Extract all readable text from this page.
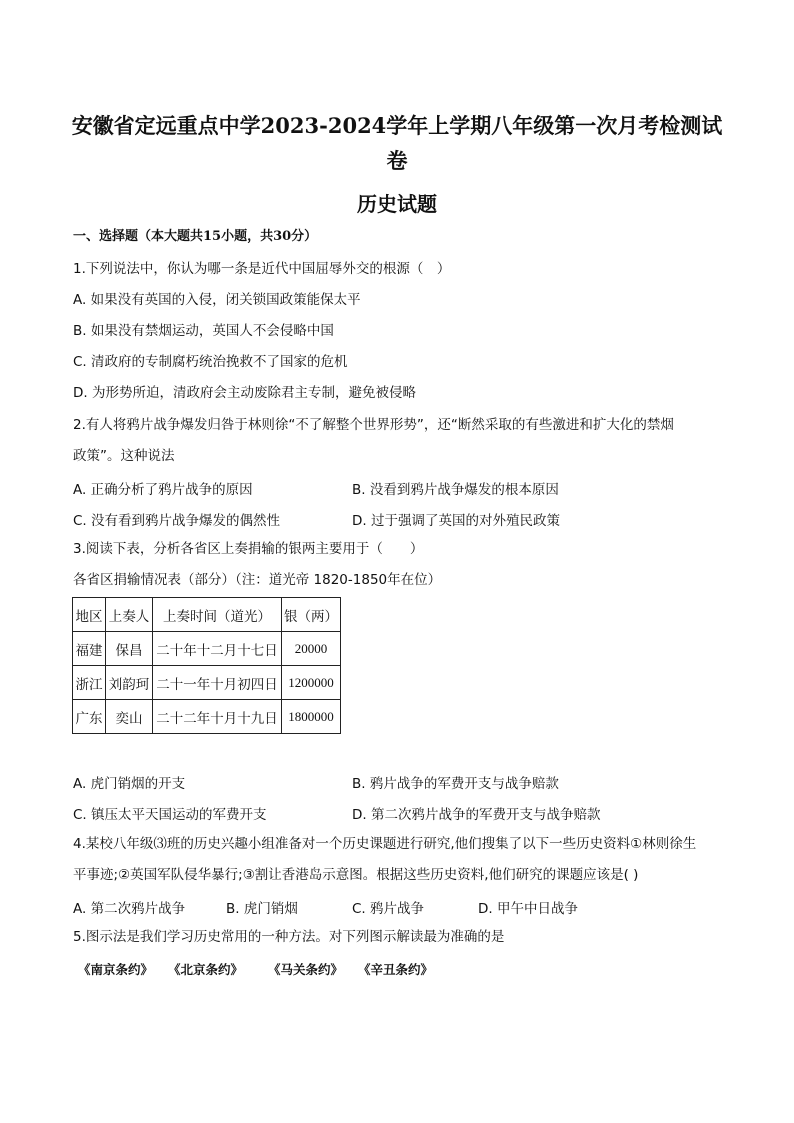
安徽省定远重点中学2023-2024学年上学期八年级第一次月考检测试
卷
历史试题
一、选择题（本大题共15小题，共30分）
1.下列说法中，你认为哪一条是近代中国屈辱外交的根源（　）
A. 如果没有英国的入侵，闭关锁国政策能保太平
B. 如果没有禁烟运动，英国人不会侵略中国
C. 清政府的专制腐朽统治挽救不了国家的危机
D. 为形势所迫，清政府会主动废除君主专制，避免被侵略
2.有人将鸦片战争爆发归咎于林则徐“不了解整个世界形势”，还“断然采取的有些激进和扩大化的禁烟
政策”。这种说法
A. 正确分析了鸦片战争的原因	B. 没看到鸦片战争爆发的根本原因
C. 没有看到鸦片战争爆发的偶然性	D. 过于强调了英国的对外殖民政策
3.阅读下表，分析各省区上奏捐输的银两主要用于（　　）
各省区捐输情况表（部分）（注：道光帝 1820-1850年在位）
地区	上奏人	上奏时间（道光）	银（两）
福建	保昌	二十年十二月十七日	20000
浙江	刘韵珂	二十一年十月初四日	1200000
广东	奕山	二十二年十月十九日	1800000
A. 虎门销烟的开支	B. 鸦片战争的军费开支与战争赔款
C. 镇压太平天国运动的军费开支	D. 第二次鸦片战争的军费开支与战争赔款
4.某校八年级⑶班的历史兴趣小组准备对一个历史课题进行研究,他们搜集了以下一些历史资料①林则徐生
平事迹;②英国军队侵华暴行;③割让香港岛示意图。根据这些历史资料,他们研究的课题应该是( )
A. 第二次鸦片战争	B. 虎门销烟	C. 鸦片战争	D. 甲午中日战争
5.图示法是我们学习历史常用的一种方法。对下列图示解读最为准确的是
《南京条约》 《北京条约》 《马关条约》 《辛丑条约》
